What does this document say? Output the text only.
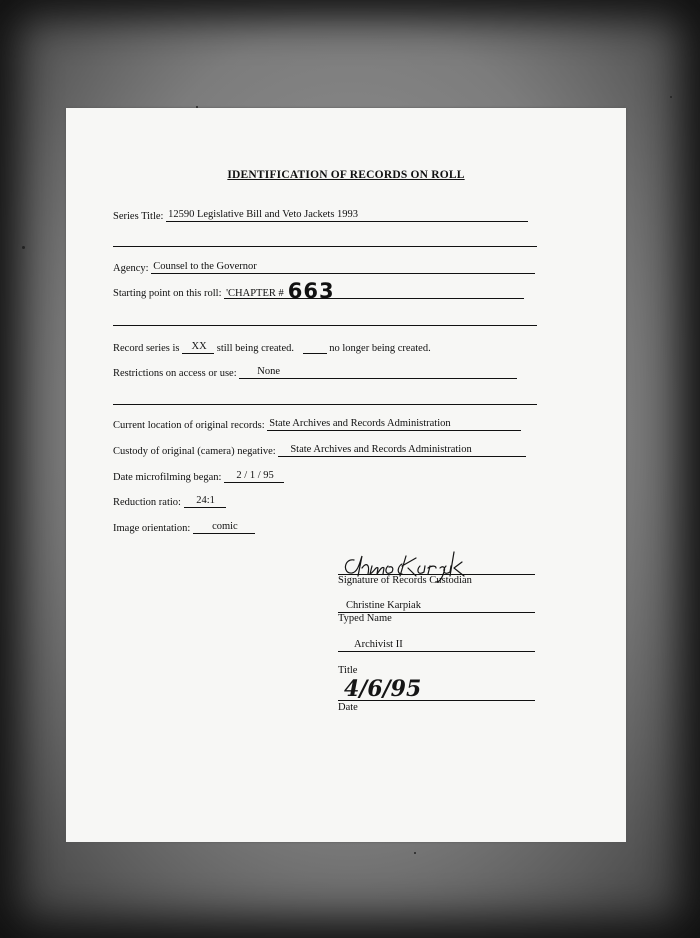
IDENTIFICATION OF RECORDS ON ROLL
Series Title: 12590 Legislative Bill and Veto Jackets 1993
Agency: Counsel to the Governor
Starting point on this roll: 'CHAPTER # 663
Record series is XX still being created.	no longer being created.
Restrictions on access or use: None
Current location of original records: State Archives and Records Administration
Custody of original (camera) negative: State Archives and Records Administration
Date microfilming began: 2 / 1 / 95
Reduction ratio: 24:1
Image orientation: comic
Signature of Records Custodian
Christine Karpiak
Typed Name
Archivist II
Title
4/6/95
Date
